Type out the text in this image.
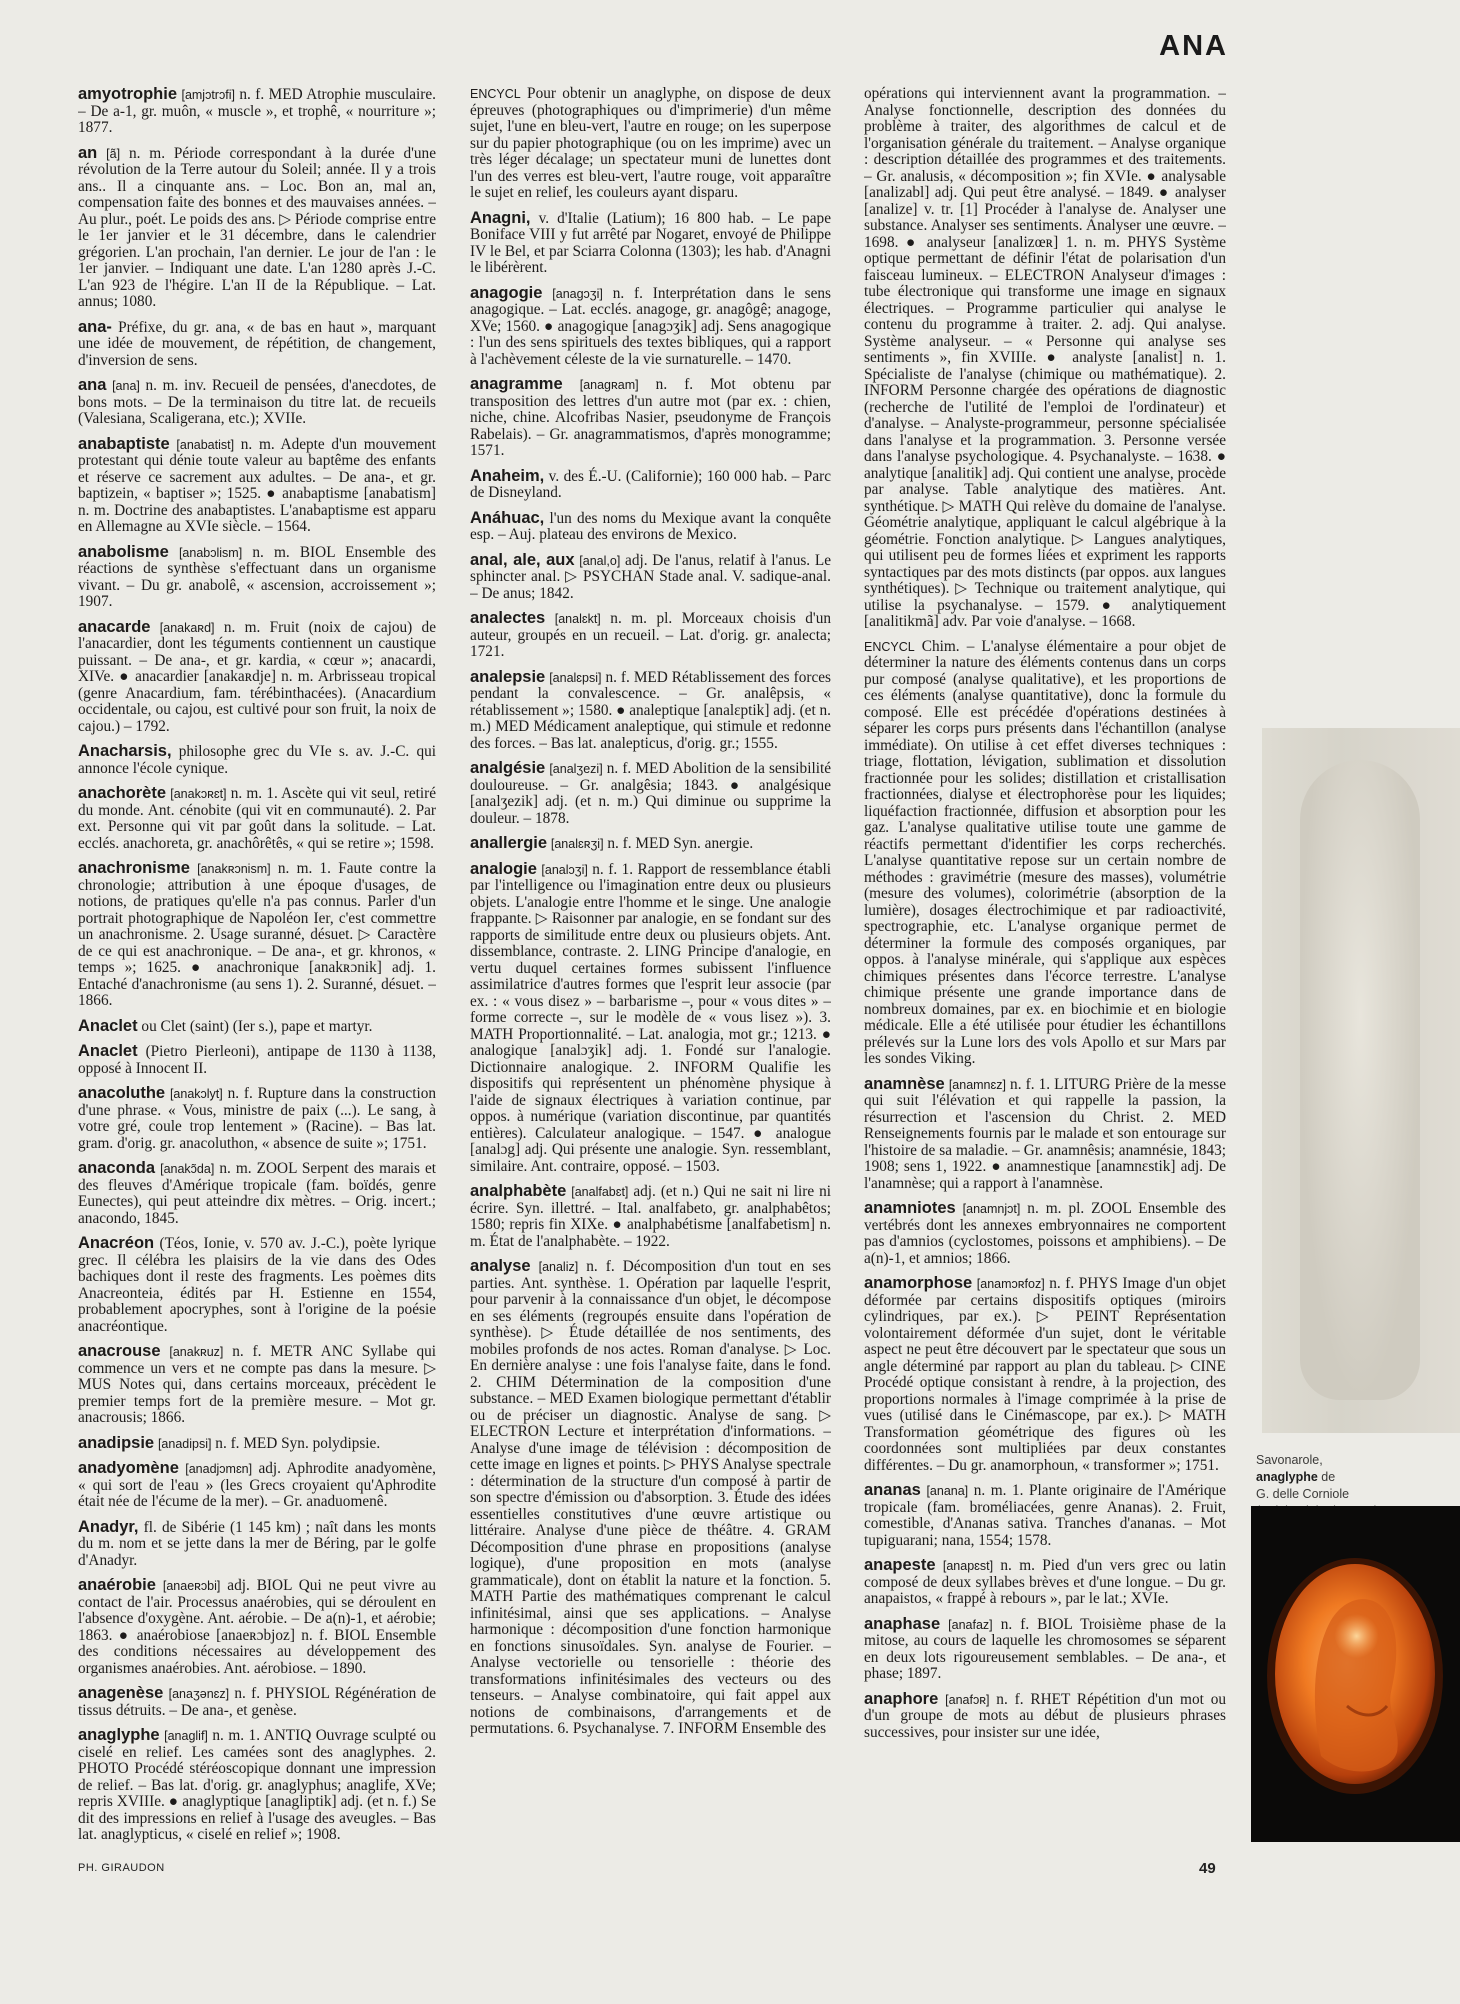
ANA

amyotrophie [amjɔtrɔfi] n. f. MED Atrophie musculaire. – De a-1, gr. muôn, « muscle », et trophê, « nourriture »; 1877.

an [ã] n. m. Période correspondant à la durée d'une révolution de la Terre autour du Soleil; année. Il y a trois ans.. Il a cinquante ans. – Loc. Bon an, mal an, compensation faite des bonnes et des mauvaises années. – Au plur., poét. Le poids des ans. ▷ Période comprise entre le 1er janvier et le 31 décembre, dans le calendrier grégorien. L'an prochain, l'an dernier. Le jour de l'an : le 1er janvier. – Indiquant une date. L'an 1280 après J.-C. L'an 923 de l'hégire. L'an II de la République. – Lat. annus; 1080.

ana- Préfixe, du gr. ana, « de bas en haut », marquant une idée de mouvement, de répétition, de changement, d'inversion de sens.

ana [ana] n. m. inv. Recueil de pensées, d'anecdotes, de bons mots. – De la terminaison du titre lat. de recueils (Valesiana, Scaligerana, etc.); XVIIe.

anabaptiste [anabatist] n. m. Adepte d'un mouvement protestant qui dénie toute valeur au baptême des enfants et réserve ce sacrement aux adultes. – De ana-, et gr. baptizein, « baptiser »; 1525. ● anabaptisme [anabatism] n. m. Doctrine des anabaptistes. L'anabaptisme est apparu en Allemagne au XVIe siècle. – 1564.

anabolisme [anabɔlism] n. m. BIOL Ensemble des réactions de synthèse s'effectuant dans un organisme vivant. – Du gr. anabolê, « ascension, accroissement »; 1907.

anacarde [anakaʀd] n. m. Fruit (noix de cajou) de l'anacardier, dont les téguments contiennent un caustique puissant. – De ana-, et gr. kardia, « cœur »; anacardi, XIVe. ● anacardier [anakaʀdje] n. m. Arbrisseau tropical (genre Anacardium, fam. térébinthacées). (Anacardium occidentale, ou cajou, est cultivé pour son fruit, la noix de cajou.) – 1792.

Anacharsis, philosophe grec du VIe s. av. J.-C. qui annonce l'école cynique.

anachorète [anakɔʀɛt] n. m. 1. Ascète qui vit seul, retiré du monde. Ant. cénobite (qui vit en communauté). 2. Par ext. Personne qui vit par goût dans la solitude. – Lat. ecclés. anachoreta, gr. anachôrêtês, « qui se retire »; 1598.

anachronisme [anakʀɔnism] n. m. 1. Faute contre la chronologie; attribution à une époque d'usages, de notions, de pratiques qu'elle n'a pas connus. Parler d'un portrait photographique de Napoléon Ier, c'est commettre un anachronisme. 2. Usage suranné, désuet. ▷ Caractère de ce qui est anachronique. – De ana-, et gr. khronos, « temps »; 1625. ● anachronique [anakʀɔnik] adj. 1. Entaché d'anachronisme (au sens 1). 2. Suranné, désuet. – 1866.

Anaclet ou Clet (saint) (Ier s.), pape et martyr.

Anaclet (Pietro Pierleoni), antipape de 1130 à 1138, opposé à Innocent II.

anacoluthe [anakɔlyt] n. f. Rupture dans la construction d'une phrase. « Vous, ministre de paix (...). Le sang, à votre gré, coule trop lentement » (Racine). – Bas lat. gram. d'orig. gr. anacoluthon, « absence de suite »; 1751.

anaconda [anakɔ̃da] n. m. ZOOL Serpent des marais et des fleuves d'Amérique tropicale (fam. boïdés, genre Eunectes), qui peut atteindre dix mètres. – Orig. incert.; anacondo, 1845.

Anacréon (Téos, Ionie, v. 570 av. J.-C.), poète lyrique grec. Il célébra les plaisirs de la vie dans des Odes bachiques dont il reste des fragments. Les poèmes dits Anacreonteia, édités par H. Estienne en 1554, probablement apocryphes, sont à l'origine de la poésie anacréontique.

anacrouse [anakʀuz] n. f. METR ANC Syllabe qui commence un vers et ne compte pas dans la mesure. ▷ MUS Notes qui, dans certains morceaux, précèdent le premier temps fort de la première mesure. – Mot gr. anacrousis; 1866.

anadipsie [anadipsi] n. f. MED Syn. polydipsie.

anadyomène [anadjɔmɛn] adj. Aphrodite anadyomène, « qui sort de l'eau » (les Grecs croyaient qu'Aphrodite était née de l'écume de la mer). – Gr. anaduomenê.

Anadyr, fl. de Sibérie (1 145 km) ; naît dans les monts du m. nom et se jette dans la mer de Béring, par le golfe d'Anadyr.

anaérobie [anaeʀɔbi] adj. BIOL Qui ne peut vivre au contact de l'air. Processus anaérobies, qui se déroulent en l'absence d'oxygène. Ant. aérobie. – De a(n)-1, et aérobie; 1863. ● anaérobiose [anaeʀɔbjoz] n. f. BIOL Ensemble des conditions nécessaires au développement des organismes anaérobies. Ant. aérobiose. – 1890.

anagenèse [anaʒənɛz] n. f. PHYSIOL Régénération de tissus détruits. – De ana-, et genèse.

anaglyphe [anaglif] n. m. 1. ANTIQ Ouvrage sculpté ou ciselé en relief. Les camées sont des anaglyphes. 2. PHOTO Procédé stéréoscopique donnant une impression de relief. – Bas lat. d'orig. gr. anaglyphus; anaglife, XVe; repris XVIIIe. ● anaglyptique [anagliptik] adj. (et n. f.) Se dit des impressions en relief à l'usage des aveugles. – Bas lat. anaglypticus, « ciselé en relief »; 1908.

ENCYCL Pour obtenir un anaglyphe, on dispose de deux épreuves (photographiques ou d'imprimerie) d'un même sujet, l'une en bleu-vert, l'autre en rouge; on les superpose sur du papier photographique (ou on les imprime) avec un très léger décalage; un spectateur muni de lunettes dont l'un des verres est bleu-vert, l'autre rouge, voit apparaître le sujet en relief, les couleurs ayant disparu.

Anagni, v. d'Italie (Latium); 16 800 hab. – Le pape Boniface VIII y fut arrêté par Nogaret, envoyé de Philippe IV le Bel, et par Sciarra Colonna (1303); les hab. d'Anagni le libérèrent.

anagogie [anagɔʒi] n. f. Interprétation dans le sens anagogique. – Lat. ecclés. anagoge, gr. anagôgê; anagoge, XVe; 1560. ● anagogique [anagɔʒik] adj. Sens anagogique : l'un des sens spirituels des textes bibliques, qui a rapport à l'achèvement céleste de la vie surnaturelle. – 1470.

anagramme [anagʀam] n. f. Mot obtenu par transposition des lettres d'un autre mot (par ex. : chien, niche, chine. Alcofribas Nasier, pseudonyme de François Rabelais). – Gr. anagrammatismos, d'après monogramme; 1571.

Anaheim, v. des É.-U. (Californie); 160 000 hab. – Parc de Disneyland.

Anáhuac, l'un des noms du Mexique avant la conquête esp. – Auj. plateau des environs de Mexico.

anal, ale, aux [anal,o] adj. De l'anus, relatif à l'anus. Le sphincter anal. ▷ PSYCHAN Stade anal. V. sadique-anal. – De anus; 1842.

analectes [analɛkt] n. m. pl. Morceaux choisis d'un auteur, groupés en un recueil. – Lat. d'orig. gr. analecta; 1721.

analepsie [analɛpsi] n. f. MED Rétablissement des forces pendant la convalescence. – Gr. analêpsis, « rétablissement »; 1580. ● analeptique [analɛptik] adj. (et n. m.) MED Médicament analeptique, qui stimule et redonne des forces. – Bas lat. analepticus, d'orig. gr.; 1555.

analgésie [analʒezi] n. f. MED Abolition de la sensibilité douloureuse. – Gr. analgêsia; 1843. ● analgésique [analʒezik] adj. (et n. m.) Qui diminue ou supprime la douleur. – 1878.

anallergie [analɛʀʒi] n. f. MED Syn. anergie.

analogie [analɔʒi] n. f. 1. Rapport de ressemblance établi par l'intelligence ou l'imagination entre deux ou plusieurs objets. L'analogie entre l'homme et le singe. Une analogie frappante. ▷ Raisonner par analogie, en se fondant sur des rapports de similitude entre deux ou plusieurs objets. Ant. dissemblance, contraste. 2. LING Principe d'analogie, en vertu duquel certaines formes subissent l'influence assimilatrice d'autres formes que l'esprit leur associe (par ex. : « vous disez » – barbarisme –, pour « vous dites » – forme correcte –, sur le modèle de « vous lisez »). 3. MATH Proportionnalité. – Lat. analogia, mot gr.; 1213. ● analogique [analɔʒik] adj. 1. Fondé sur l'analogie. Dictionnaire analogique. 2. INFORM Qualifie les dispositifs qui représentent un phénomène physique à l'aide de signaux électriques à variation continue, par oppos. à numérique (variation discontinue, par quantités entières). Calculateur analogique. – 1547. ● analogue [analɔg] adj. Qui présente une analogie. Syn. ressemblant, similaire. Ant. contraire, opposé. – 1503.

analphabète [analfabɛt] adj. (et n.) Qui ne sait ni lire ni écrire. Syn. illettré. – Ital. analfabeto, gr. analphabêtos; 1580; repris fin XIXe. ● analphabétisme [analfabetism] n. m. État de l'analphabète. – 1922.

analyse [analiz] n. f. Décomposition d'un tout en ses parties. Ant. synthèse. 1. Opération par laquelle l'esprit, pour parvenir à la connaissance d'un objet, le décompose en ses éléments (regroupés ensuite dans l'opération de synthèse). ▷ Étude détaillée de nos sentiments, des mobiles profonds de nos actes. Roman d'analyse. ▷ Loc. En dernière analyse : une fois l'analyse faite, dans le fond. 2. CHIM Détermination de la composition d'une substance. – MED Examen biologique permettant d'établir ou de préciser un diagnostic. Analyse de sang. ▷ ELECTRON Lecture et interprétation d'informations. – Analyse d'une image de télévision : décomposition de cette image en lignes et points. ▷ PHYS Analyse spectrale : détermination de la structure d'un composé à partir de son spectre d'émission ou d'absorption. 3. Étude des idées essentielles constitutives d'une œuvre artistique ou littéraire. Analyse d'une pièce de théâtre. 4. GRAM Décomposition d'une phrase en propositions (analyse logique), d'une proposition en mots (analyse grammaticale), dont on établit la nature et la fonction. 5. MATH Partie des mathématiques comprenant le calcul infinitésimal, ainsi que ses applications. – Analyse harmonique : décomposition d'une fonction harmonique en fonctions sinusoïdales. Syn. analyse de Fourier. – Analyse vectorielle ou tensorielle : théorie des transformations infinitésimales des vecteurs ou des tenseurs. – Analyse combinatoire, qui fait appel aux notions de combinaisons, d'arrangements et de permutations. 6. Psychanalyse. 7. INFORM Ensemble des

opérations qui interviennent avant la programmation. – Analyse fonctionnelle, description des données du problème à traiter, des algorithmes de calcul et de l'organisation générale du traitement. – Analyse organique : description détaillée des programmes et des traitements. – Gr. analusis, « décomposition »; fin XVIe. ● analysable [analizabl] adj. Qui peut être analysé. – 1849. ● analyser [analize] v. tr. [1] Procéder à l'analyse de. Analyser une substance. Analyser ses sentiments. Analyser une œuvre. – 1698. ● analyseur [analizœʀ] 1. n. m. PHYS Système optique permettant de définir l'état de polarisation d'un faisceau lumineux. – ELECTRON Analyseur d'images : tube électronique qui transforme une image en signaux électriques. – Programme particulier qui analyse le contenu du programme à traiter. 2. adj. Qui analyse. Système analyseur. – « Personne qui analyse ses sentiments », fin XVIIIe. ● analyste [analist] n. 1. Spécialiste de l'analyse (chimique ou mathématique). 2. INFORM Personne chargée des opérations de diagnostic (recherche de l'utilité de l'emploi de l'ordinateur) et d'analyse. – Analyste-programmeur, personne spécialisée dans l'analyse et la programmation. 3. Personne versée dans l'analyse psychologique. 4. Psychanalyste. – 1638. ● analytique [analitik] adj. Qui contient une analyse, procède par analyse. Table analytique des matières. Ant. synthétique. ▷ MATH Qui relève du domaine de l'analyse. Géométrie analytique, appliquant le calcul algébrique à la géométrie. Fonction analytique. ▷ Langues analytiques, qui utilisent peu de formes liées et expriment les rapports syntactiques par des mots distincts (par oppos. aux langues synthétiques). ▷ Technique ou traitement analytique, qui utilise la psychanalyse. – 1579. ● analytiquement [analitikmã] adv. Par voie d'analyse. – 1668.

ENCYCL Chim. – L'analyse élémentaire a pour objet de déterminer la nature des éléments contenus dans un corps pur composé (analyse qualitative), et les proportions de ces éléments (analyse quantitative), donc la formule du composé. Elle est précédée d'opérations destinées à séparer les corps purs présents dans l'échantillon (analyse immédiate). On utilise à cet effet diverses techniques : triage, flottation, lévigation, sublimation et dissolution fractionnée pour les solides; distillation et cristallisation fractionnées, dialyse et électrophorèse pour les liquides; liquéfaction fractionnée, diffusion et absorption pour les gaz. L'analyse qualitative utilise toute une gamme de réactifs permettant d'identifier les corps recherchés. L'analyse quantitative repose sur un certain nombre de méthodes : gravimétrie (mesure des masses), volumétrie (mesure des volumes), colorimétrie (absorption de la lumière), dosages électrochimique et par radioactivité, spectrographie, etc. L'analyse organique permet de déterminer la formule des composés organiques, par oppos. à l'analyse minérale, qui s'applique aux espèces chimiques présentes dans l'écorce terrestre. L'analyse chimique présente une grande importance dans de nombreux domaines, par ex. en biochimie et en biologie médicale. Elle a été utilisée pour étudier les échantillons prélevés sur la Lune lors des vols Apollo et sur Mars par les sondes Viking.

anamnèse [anamnɛz] n. f. 1. LITURG Prière de la messe qui suit l'élévation et qui rappelle la passion, la résurrection et l'ascension du Christ. 2. MED Renseignements fournis par le malade et son entourage sur l'histoire de sa maladie. – Gr. anamnêsis; anamnésie, 1843; 1908; sens 1, 1922. ● anamnestique [anamnɛstik] adj. De l'anamnèse; qui a rapport à l'anamnèse.

anamniotes [anamnjɔt] n. m. pl. ZOOL Ensemble des vertébrés dont les annexes embryonnaires ne comportent pas d'amnios (cyclostomes, poissons et amphibiens). – De a(n)-1, et amnios; 1866.

anamorphose [anamɔʀfoz] n. f. PHYS Image d'un objet déformée par certains dispositifs optiques (miroirs cylindriques, par ex.). ▷ PEINT Représentation volontairement déformée d'un sujet, dont le véritable aspect ne peut être découvert par le spectateur que sous un angle déterminé par rapport au plan du tableau. ▷ CINE Procédé optique consistant à rendre, à la projection, des proportions normales à l'image comprimée à la prise de vues (utilisé dans le Cinémascope, par ex.). ▷ MATH Transformation géométrique des figures où les coordonnées sont multipliées par deux constantes différentes. – Du gr. anamorphoun, « transformer »; 1751.

ananas [anana] n. m. 1. Plante originaire de l'Amérique tropicale (fam. broméliacées, genre Ananas). 2. Fruit, comestible, d'Ananas sativa. Tranches d'ananas. – Mot tupiguarani; nana, 1554; 1578.

anapeste [anapɛst] n. m. Pied d'un vers grec ou latin composé de deux syllabes brèves et d'une longue. – Du gr. anapaistos, « frappé à rebours », par le lat.; XVIe.

anaphase [anafaz] n. f. BIOL Troisième phase de la mitose, au cours de laquelle les chromosomes se séparent en deux lots rigoureusement semblables. – De ana-, et phase; 1897.

anaphore [anafɔʀ] n. f. RHET Répétition d'un mot ou d'un groupe de mots au début de plusieurs phrases successives, pour insister sur une idée,

Savonarole,
anaglyphe de
G. delle Corniole
PH. GIRAUDON	49
